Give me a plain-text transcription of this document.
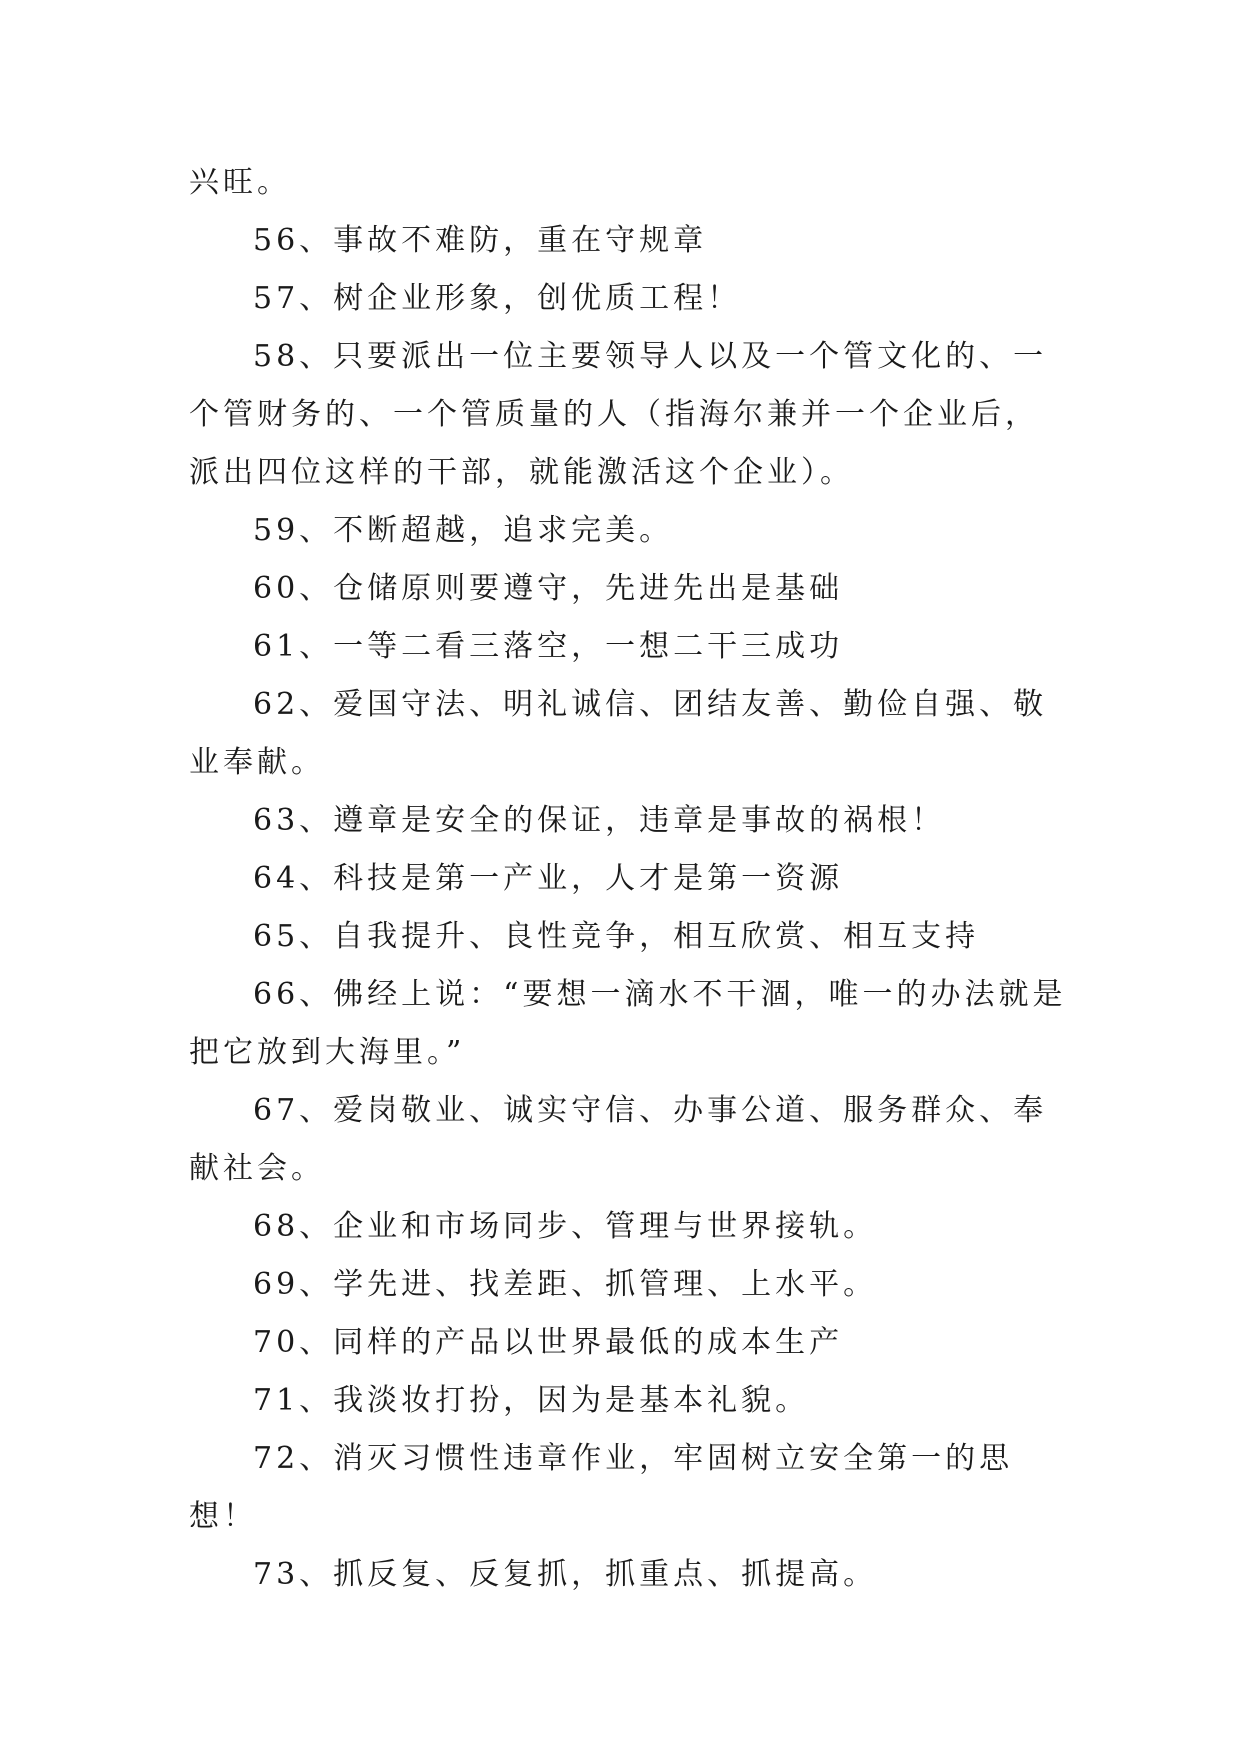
兴旺。

56、事故不难防，重在守规章

57、树企业形象，创优质工程！

58、只要派出一位主要领导人以及一个管文化的、一个管财务的、一个管质量的人（指海尔兼并一个企业后，派出四位这样的干部，就能激活这个企业）。

59、不断超越，追求完美。

60、仓储原则要遵守，先进先出是基础

61、一等二看三落空，一想二干三成功

62、爱国守法、明礼诚信、团结友善、勤俭自强、敬业奉献。

63、遵章是安全的保证，违章是事故的祸根！

64、科技是第一产业，人才是第一资源

65、自我提升、良性竞争，相互欣赏、相互支持

66、佛经上说：“要想一滴水不干涸，唯一的办法就是把它放到大海里。”

67、爱岗敬业、诚实守信、办事公道、服务群众、奉献社会。

68、企业和市场同步、管理与世界接轨。

69、学先进、找差距、抓管理、上水平。

70、同样的产品以世界最低的成本生产

71、我淡妆打扮，因为是基本礼貌。

72、消灭习惯性违章作业，牢固树立安全第一的思想！

73、抓反复、反复抓，抓重点、抓提高。
